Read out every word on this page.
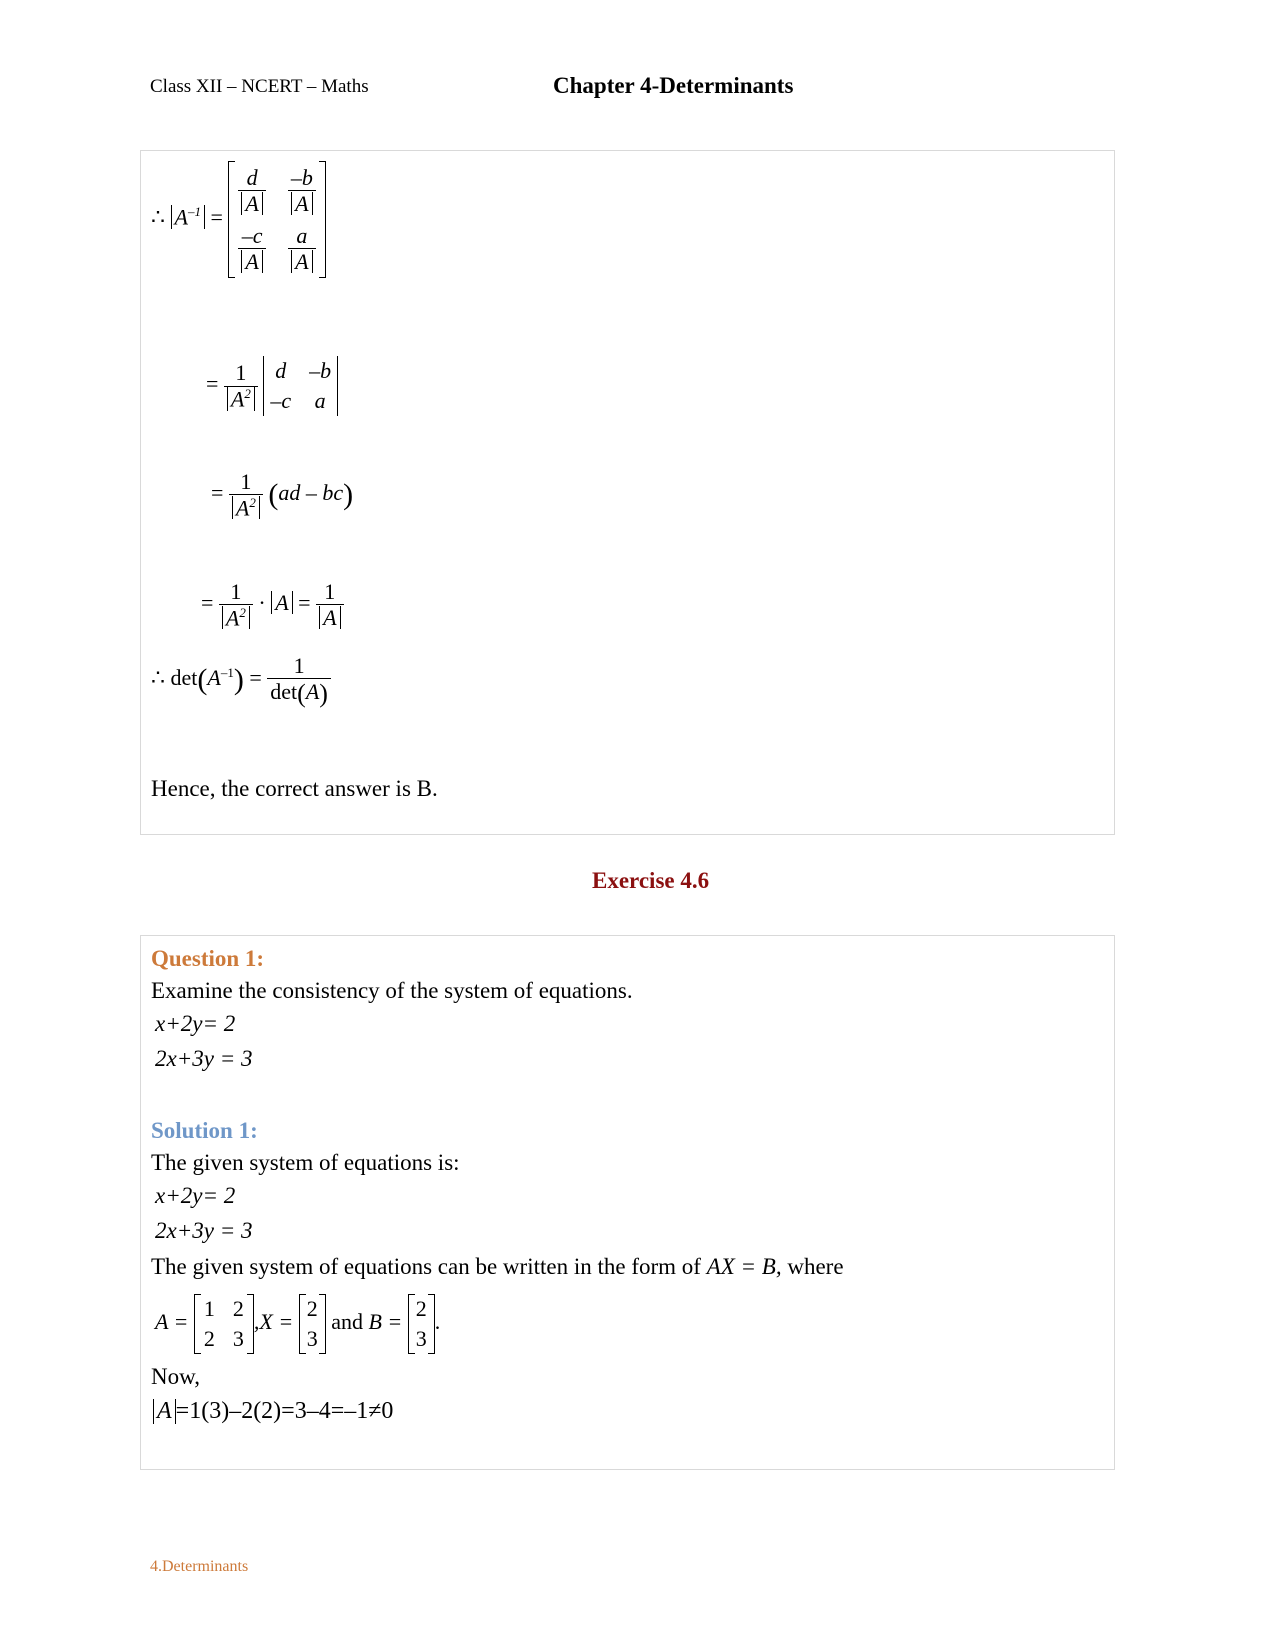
Class XII – NCERT – Maths	Chapter 4-Determinants
∴ $A^{-1}$ =
$\frac{d}{A} \frac{-b}{A}$
$\frac{-c}{A} \frac{a}{A}$
= $\frac{1}{A^2}$
d –b
–c a
= $\frac{1}{A^2} (ad - bc)$
= $\frac{1}{A^2} \cdot A = \frac{1}{A}$
∴ $\det(A^{-1}) = \frac{1}{\det(A)}$
Hence, the correct answer is B.
Exercise 4.6
Question 1:
Examine the consistency of the system of equations.
x+2y= 2
2x+3y = 3
Solution 1:
The given system of equations is:
x+2y= 2
2x+3y = 3
The given system of equations can be written in the form of AX = B, where
A =
1 2
2 3
,X =
2
3
and B =
2
3
.
Now,
A =1(3)–2(2)=3–4=–1≠0
4.Determinants
